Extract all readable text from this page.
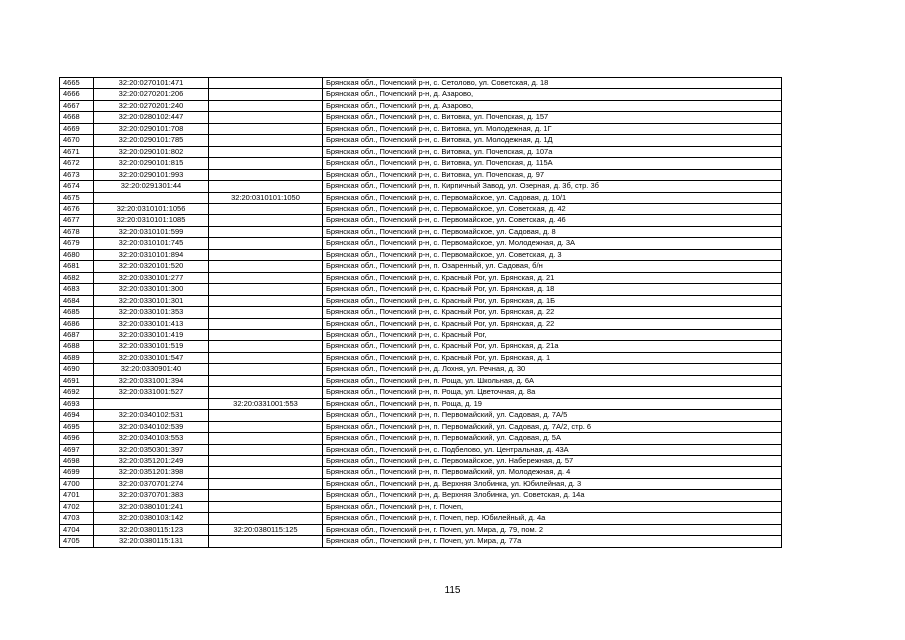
4665	32:20:0270101:471		Брянская обл., Почепский р-н, с. Сетолово, ул. Советская, д. 18
4666	32:20:0270201:206		Брянская обл., Почепский р-н, д. Азарово,
4667	32:20:0270201:240		Брянская обл., Почепский р-н, д. Азарово,
4668	32:20:0280102:447		Брянская обл., Почепский р-н, с. Витовка, ул. Почепская, д. 157
4669	32:20:0290101:708		Брянская обл., Почепский р-н, с. Витовка, ул. Молодежная, д. 1Г
4670	32:20:0290101:785		Брянская обл., Почепский р-н, с. Витовка, ул. Молодежная, д. 1Д
4671	32:20:0290101:802		Брянская обл., Почепский р-н, с. Витовка, ул. Почепская, д. 107а
4672	32:20:0290101:815		Брянская обл., Почепский р-н, с. Витовка, ул. Почепская, д. 115А
4673	32:20:0290101:993		Брянская обл., Почепский р-н, с. Витовка, ул. Почепская, д. 97
4674	32:20:0291301:44		Брянская обл., Почепский р-н, п. Кирпичный Завод, ул. Озерная, д. 3б, стр. 3б
4675		32:20:0310101:1050	Брянская обл., Почепский р-н, с. Первомайское, ул. Садовая, д. 10/1
4676	32:20:0310101:1056		Брянская обл., Почепский р-н, с. Первомайское, ул. Советская, д. 42
4677	32:20:0310101:1085		Брянская обл., Почепский р-н, с. Первомайское, ул. Советская, д. 46
4678	32:20:0310101:599		Брянская обл., Почепский р-н, с. Первомайское, ул. Садовая, д. 8
4679	32:20:0310101:745		Брянская обл., Почепский р-н, с. Первомайское, ул. Молодежная, д. 3А
4680	32:20:0310101:894		Брянская обл., Почепский р-н, с. Первомайское, ул. Советская, д. 3
4681	32:20:0320101:520		Брянская обл., Почепский р-н, п. Озаренный, ул. Садовая, б/н
4682	32:20:0330101:277		Брянская обл., Почепский р-н, с. Красный Рог, ул. Брянская, д. 21
4683	32:20:0330101:300		Брянская обл., Почепский р-н, с. Красный Рог, ул. Брянская, д. 18
4684	32:20:0330101:301		Брянская обл., Почепский р-н, с. Красный Рог, ул. Брянская, д. 1Б
4685	32:20:0330101:353		Брянская обл., Почепский р-н, с. Красный Рог, ул. Брянская, д. 22
4686	32:20:0330101:413		Брянская обл., Почепский р-н, с. Красный Рог, ул. Брянская, д. 22
4687	32:20:0330101:419		Брянская обл., Почепский р-н, с. Красный Рог,
4688	32:20:0330101:519		Брянская обл., Почепский р-н, с. Красный Рог, ул. Брянская, д. 21а
4689	32:20:0330101:547		Брянская обл., Почепский р-н, с. Красный Рог, ул. Брянская, д. 1
4690	32:20:0330901:40		Брянская обл., Почепский р-н, д. Лохня, ул. Речная, д. 30
4691	32:20:0331001:394		Брянская обл., Почепский р-н, п. Роща, ул. Школьная, д. 6А
4692	32:20:0331001:527		Брянская обл., Почепский р-н, п. Роща, ул. Цветочная, д. 8а
4693		32:20:0331001:553	Брянская обл., Почепский р-н, п. Роща, д. 19
4694	32:20:0340102:531		Брянская обл., Почепский р-н, п. Первомайский, ул. Садовая, д. 7А/5
4695	32:20:0340102:539		Брянская обл., Почепский р-н, п. Первомайский, ул. Садовая, д. 7А/2, стр. 6
4696	32:20:0340103:553		Брянская обл., Почепский р-н, п. Первомайский, ул. Садовая, д. 5А
4697	32:20:0350301:397		Брянская обл., Почепский р-н, с. Подбелово, ул. Центральная, д. 43А
4698	32:20:0351201:249		Брянская обл., Почепский р-н, с. Первомайское, ул. Набережная, д. 57
4699	32:20:0351201:398		Брянская обл., Почепский р-н, п. Первомайский, ул. Молодежная, д. 4
4700	32:20:0370701:274		Брянская обл., Почепский р-н, д. Верхняя Злобинка, ул. Юбилейная, д. 3
4701	32:20:0370701:383		Брянская обл., Почепский р-н, д. Верхняя Злобинка, ул. Советская, д. 14а
4702	32:20:0380101:241		Брянская обл., Почепский р-н, г. Почеп,
4703	32:20:0380103:142		Брянская обл., Почепский р-н, г. Почеп, пер. Юбилейный, д. 4а
4704	32:20:0380115:123	32:20:0380115:125	Брянская обл., Почепский р-н, г. Почеп, ул. Мира, д. 79, пом. 2
4705	32:20:0380115:131		Брянская обл., Почепский р-н, г. Почеп, ул. Мира, д. 77а
115
